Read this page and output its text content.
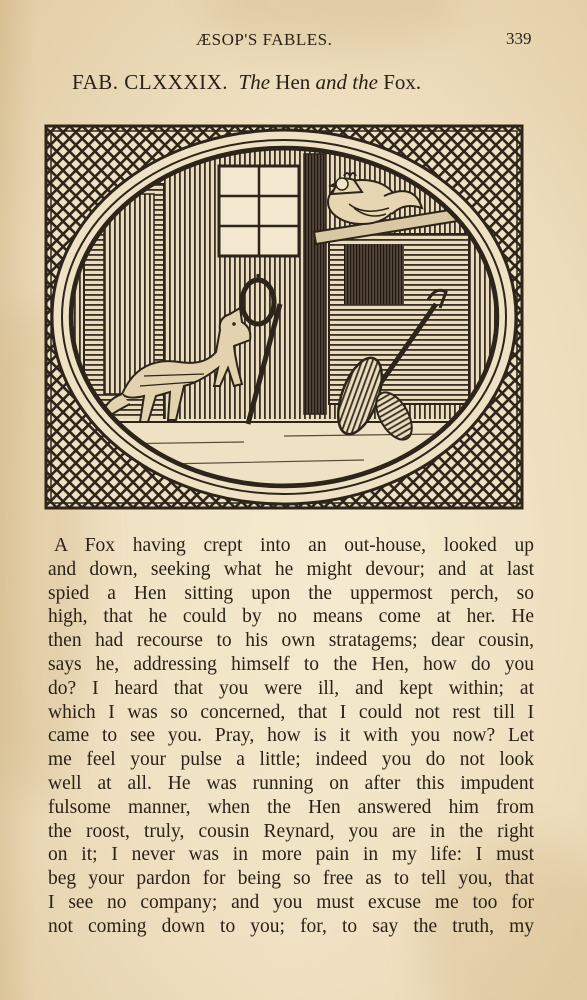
ÆSOP'S FABLES.	339
FAB. CLXXXIX. The Hen and the Fox.
A Fox having crept into an out-house, looked up
and down, seeking what he might devour; and at last
spied a Hen sitting upon the uppermost perch, so
high, that he could by no means come at her. He
then had recourse to his own stratagems; dear cousin,
says he, addressing himself to the Hen, how do you
do? I heard that you were ill, and kept within; at
which I was so concerned, that I could not rest till I
came to see you. Pray, how is it with you now? Let
me feel your pulse a little; indeed you do not look
well at all. He was running on after this impudent
fulsome manner, when the Hen answered him from
the roost, truly, cousin Reynard, you are in the right
on it; I never was in more pain in my life: I must
beg your pardon for being so free as to tell you, that
I see no company; and you must excuse me too for
not coming down to you; for, to say the truth, my
